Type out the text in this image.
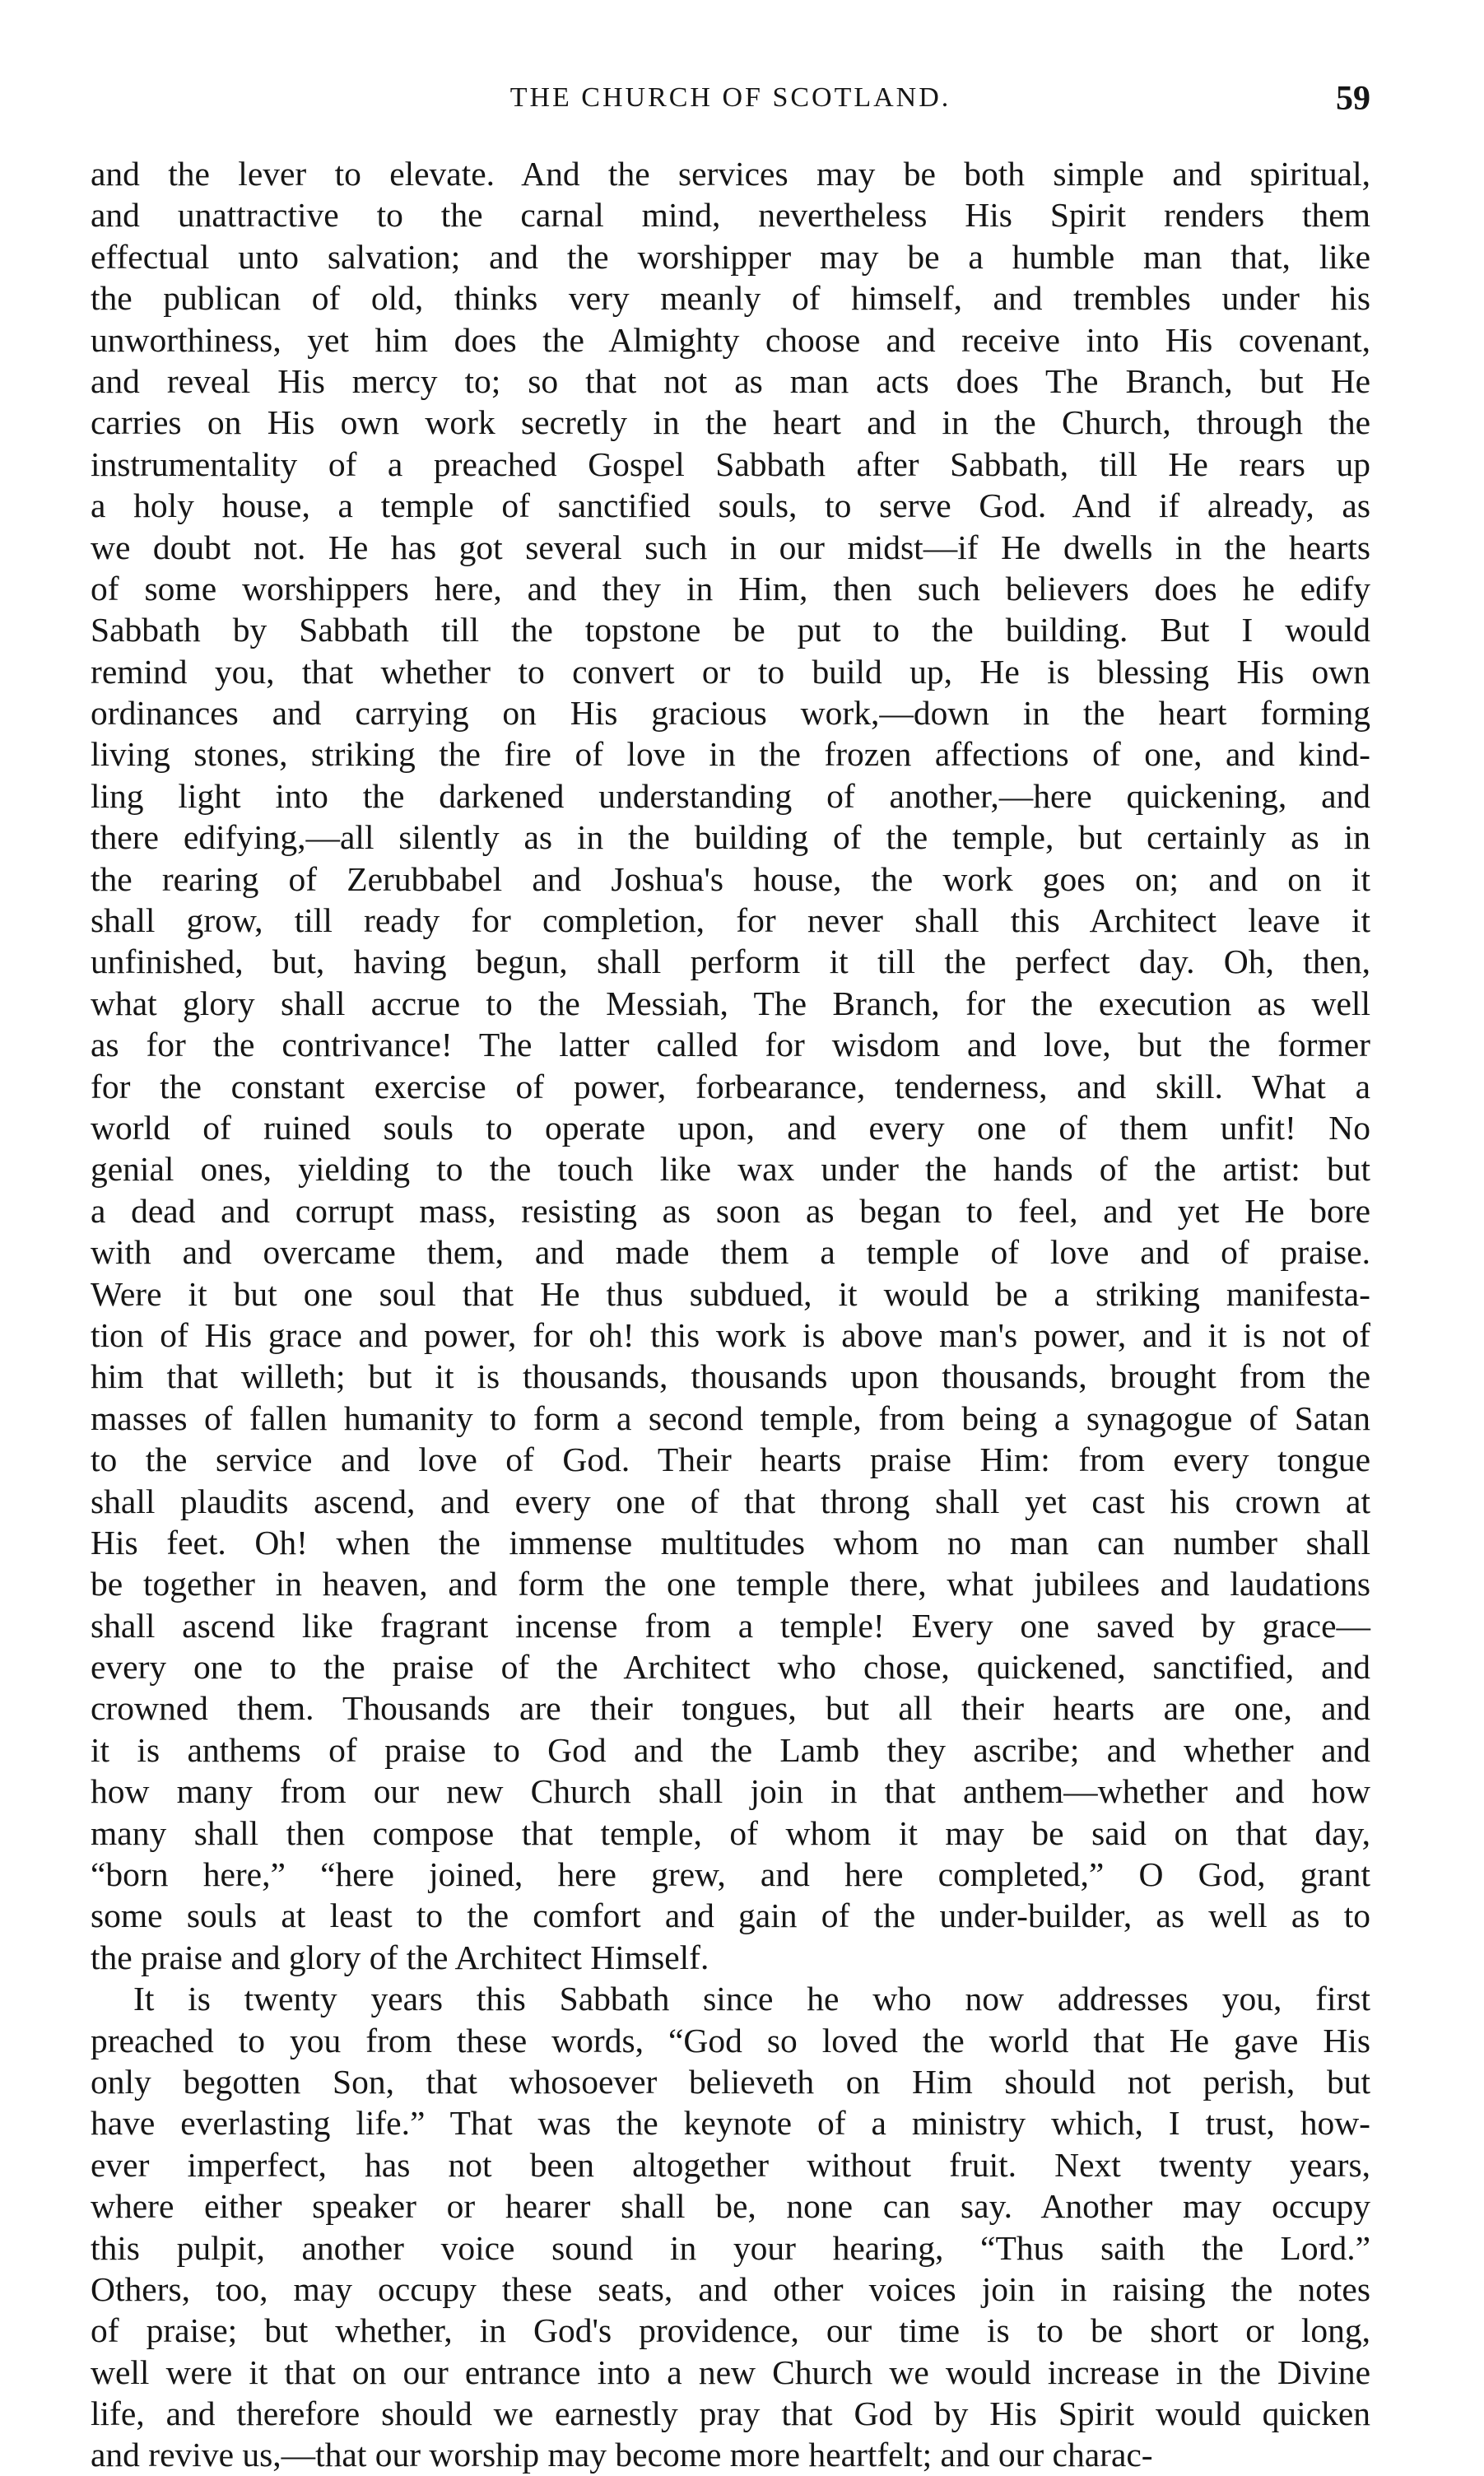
THE CHURCH OF SCOTLAND.	59
and the lever to elevate. And the services may be both simple and spiritual,
and unattractive to the carnal mind, nevertheless His Spirit renders them
effectual unto salvation; and the worshipper may be a humble man that, like
the publican of old, thinks very meanly of himself, and trembles under his
unworthiness, yet him does the Almighty choose and receive into His covenant,
and reveal His mercy to; so that not as man acts does The Branch, but He
carries on His own work secretly in the heart and in the Church, through the
instrumentality of a preached Gospel Sabbath after Sabbath, till He rears up
a holy house, a temple of sanctified souls, to serve God. And if already, as
we doubt not. He has got several such in our midst—if He dwells in the hearts
of some worshippers here, and they in Him, then such believers does he edify
Sabbath by Sabbath till the topstone be put to the building. But I would
remind you, that whether to convert or to build up, He is blessing His own
ordinances and carrying on His gracious work,—down in the heart forming
living stones, striking the fire of love in the frozen affections of one, and kind-
ling light into the darkened understanding of another,—here quickening, and
there edifying,—all silently as in the building of the temple, but certainly as in
the rearing of Zerubbabel and Joshua's house, the work goes on; and on it
shall grow, till ready for completion, for never shall this Architect leave it
unfinished, but, having begun, shall perform it till the perfect day. Oh, then,
what glory shall accrue to the Messiah, The Branch, for the execution as well
as for the contrivance! The latter called for wisdom and love, but the former
for the constant exercise of power, forbearance, tenderness, and skill. What a
world of ruined souls to operate upon, and every one of them unfit! No
genial ones, yielding to the touch like wax under the hands of the artist: but
a dead and corrupt mass, resisting as soon as began to feel, and yet He bore
with and overcame them, and made them a temple of love and of praise.
Were it but one soul that He thus subdued, it would be a striking manifesta-
tion of His grace and power, for oh! this work is above man's power, and it is not of
him that willeth; but it is thousands, thousands upon thousands, brought from the
masses of fallen humanity to form a second temple, from being a synagogue of Satan
to the service and love of God. Their hearts praise Him: from every tongue
shall plaudits ascend, and every one of that throng shall yet cast his crown at
His feet. Oh! when the immense multitudes whom no man can number shall
be together in heaven, and form the one temple there, what jubilees and laudations
shall ascend like fragrant incense from a temple! Every one saved by grace—
every one to the praise of the Architect who chose, quickened, sanctified, and
crowned them. Thousands are their tongues, but all their hearts are one, and
it is anthems of praise to God and the Lamb they ascribe; and whether and
how many from our new Church shall join in that anthem—whether and how
many shall then compose that temple, of whom it may be said on that day,
“born here,” “here joined, here grew, and here completed,” O God, grant
some souls at least to the comfort and gain of the under-builder, as well as to
the praise and glory of the Architect Himself.
It is twenty years this Sabbath since he who now addresses you, first
preached to you from these words, “God so loved the world that He gave His
only begotten Son, that whosoever believeth on Him should not perish, but
have everlasting life.” That was the keynote of a ministry which, I trust, how-
ever imperfect, has not been altogether without fruit. Next twenty years,
where either speaker or hearer shall be, none can say. Another may occupy
this pulpit, another voice sound in your hearing, “Thus saith the Lord.”
Others, too, may occupy these seats, and other voices join in raising the notes
of praise; but whether, in God's providence, our time is to be short or long,
well were it that on our entrance into a new Church we would increase in the Divine
life, and therefore should we earnestly pray that God by His Spirit would quicken
and revive us,—that our worship may become more heartfelt; and our charac-
